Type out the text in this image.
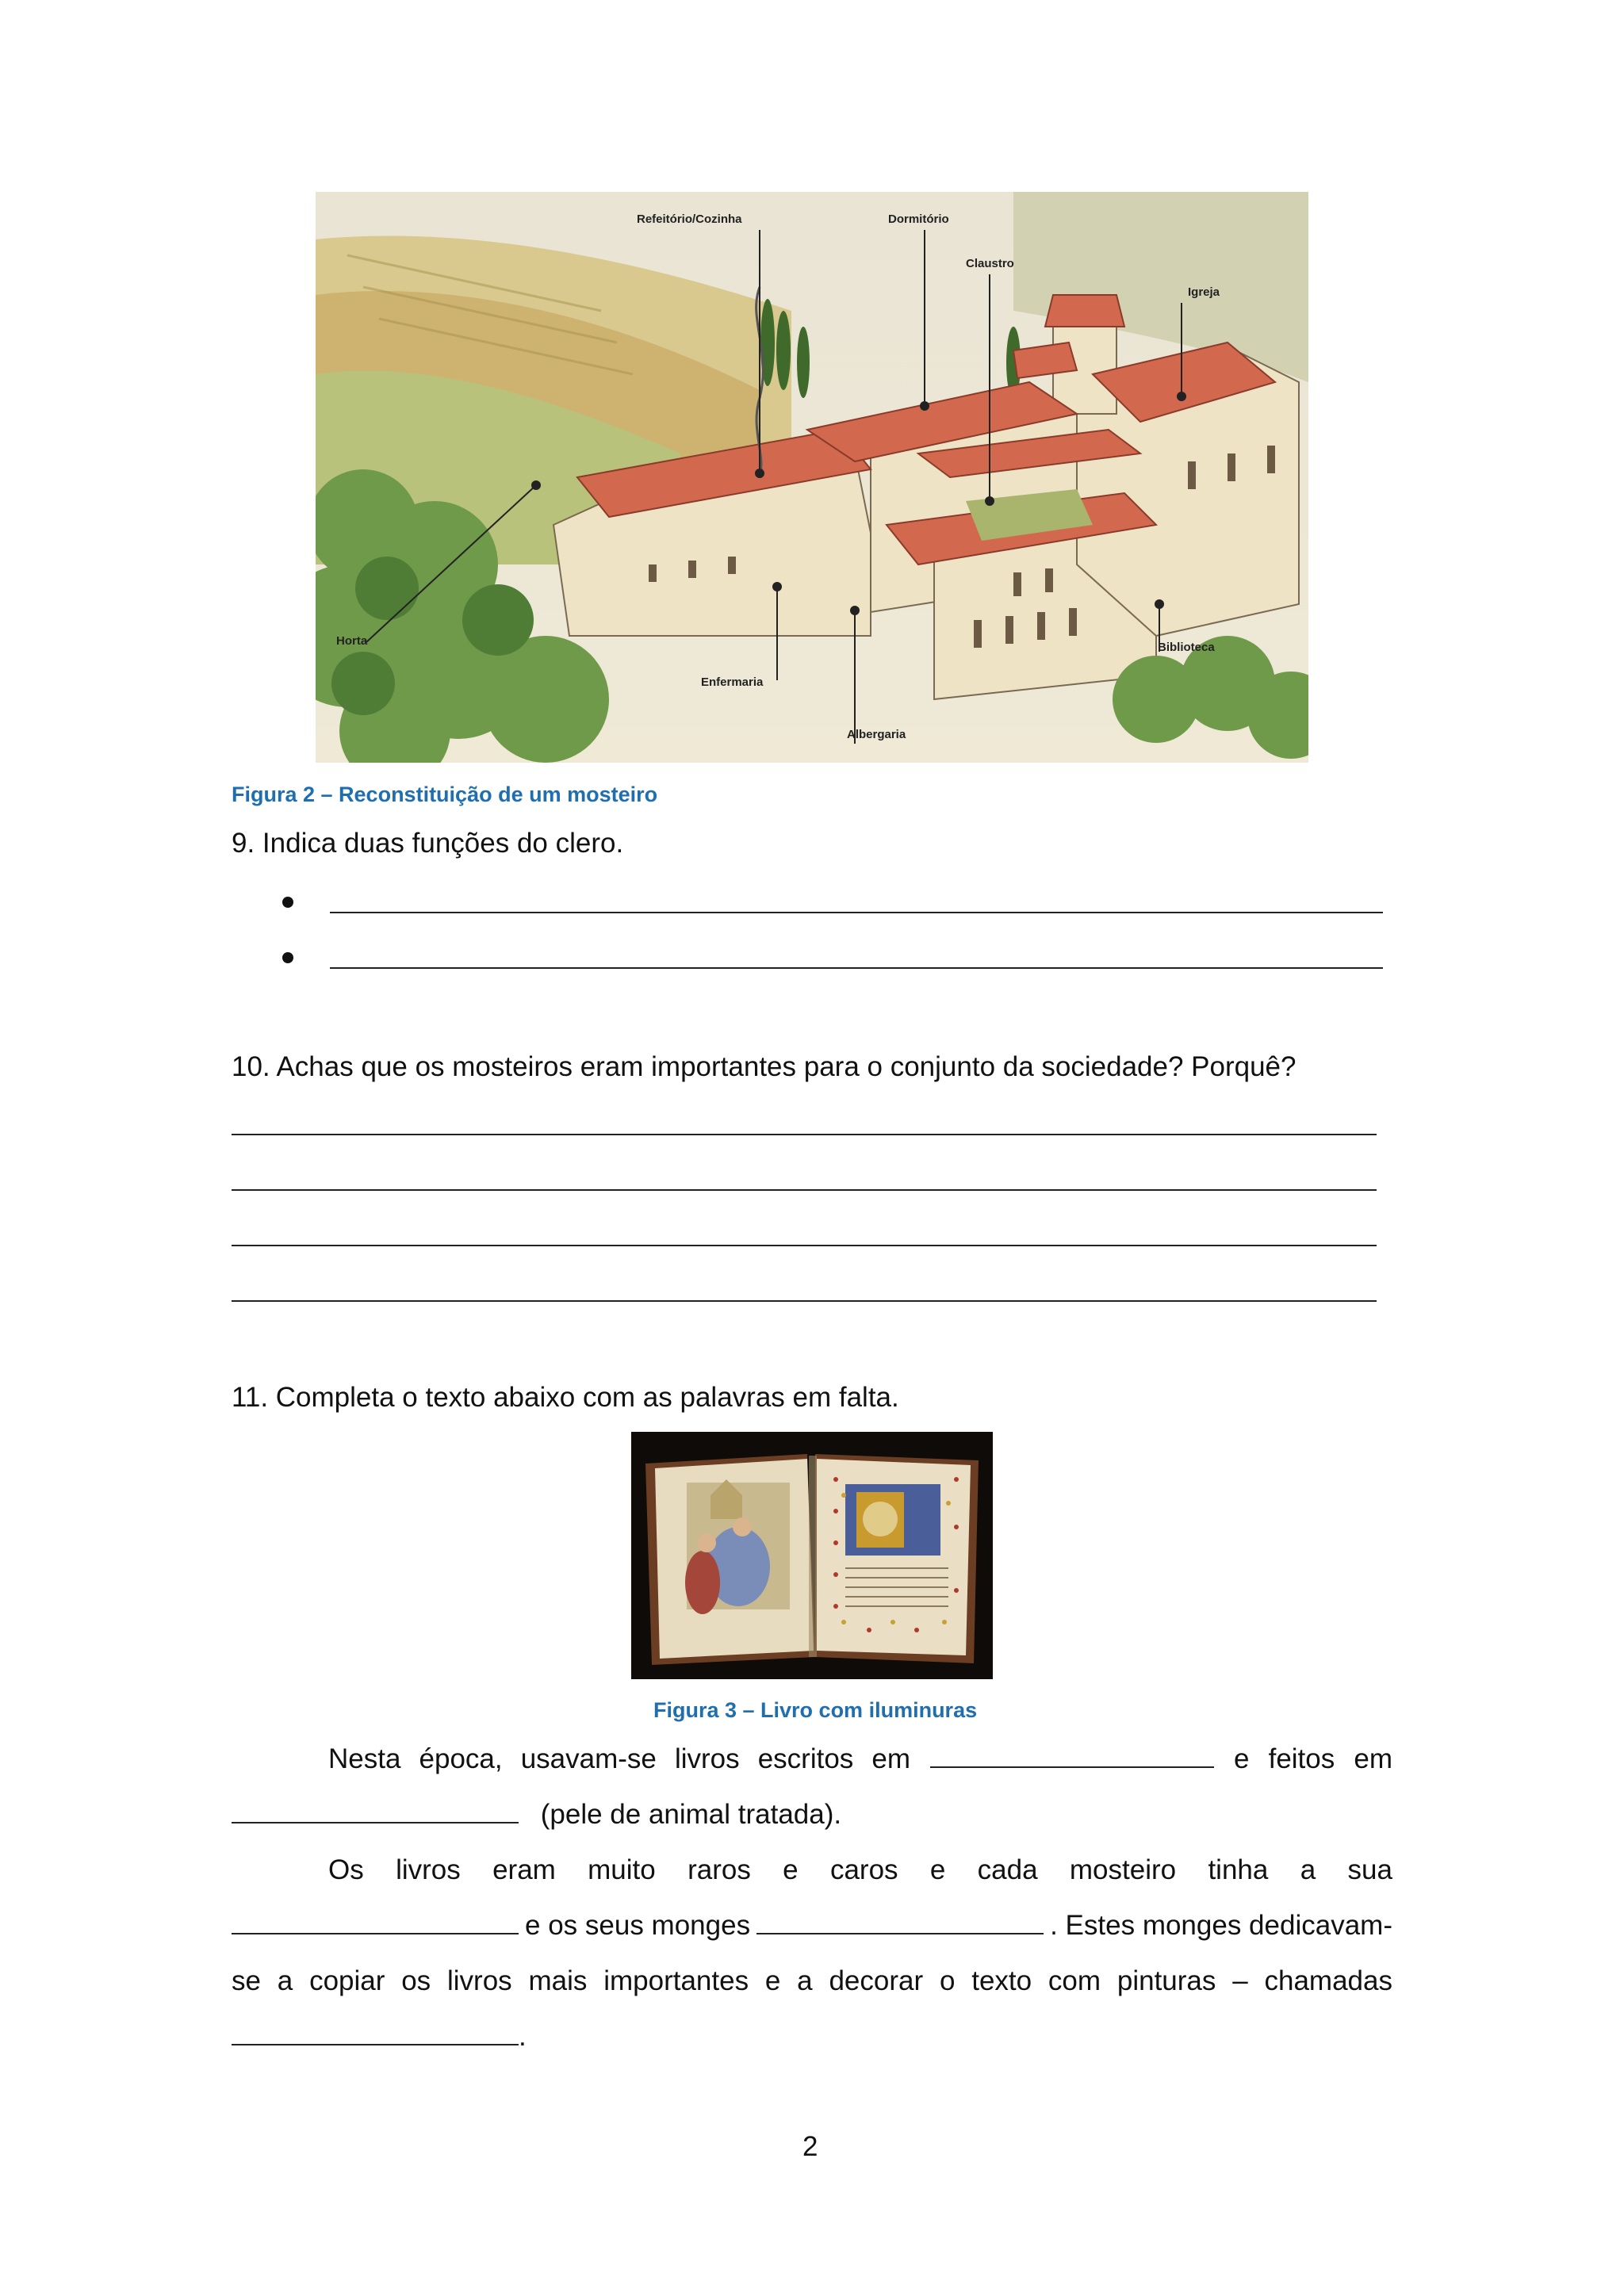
Refeitório/Cozinha	Dormitório
Claustro
Igreja
Horta
Enfermaria
Biblioteca
Albergaria
Figura 2 – Reconstituição de um mosteiro
9. Indica duas funções do clero.
10. Achas que os mosteiros eram importantes para o conjunto da sociedade? Porquê?
11. Completa o texto abaixo com as palavras em falta.
Figura 3 – Livro com iluminuras
Nesta época, usavam-se livros escritos em	e feitos em
(pele de animal tratada).
Os livros eram muito raros e caros e cada mosteiro tinha a sua
e os seus monges	. Estes monges dedicavam-
se a copiar os livros mais importantes e a decorar o texto com pinturas – chamadas
.
2
